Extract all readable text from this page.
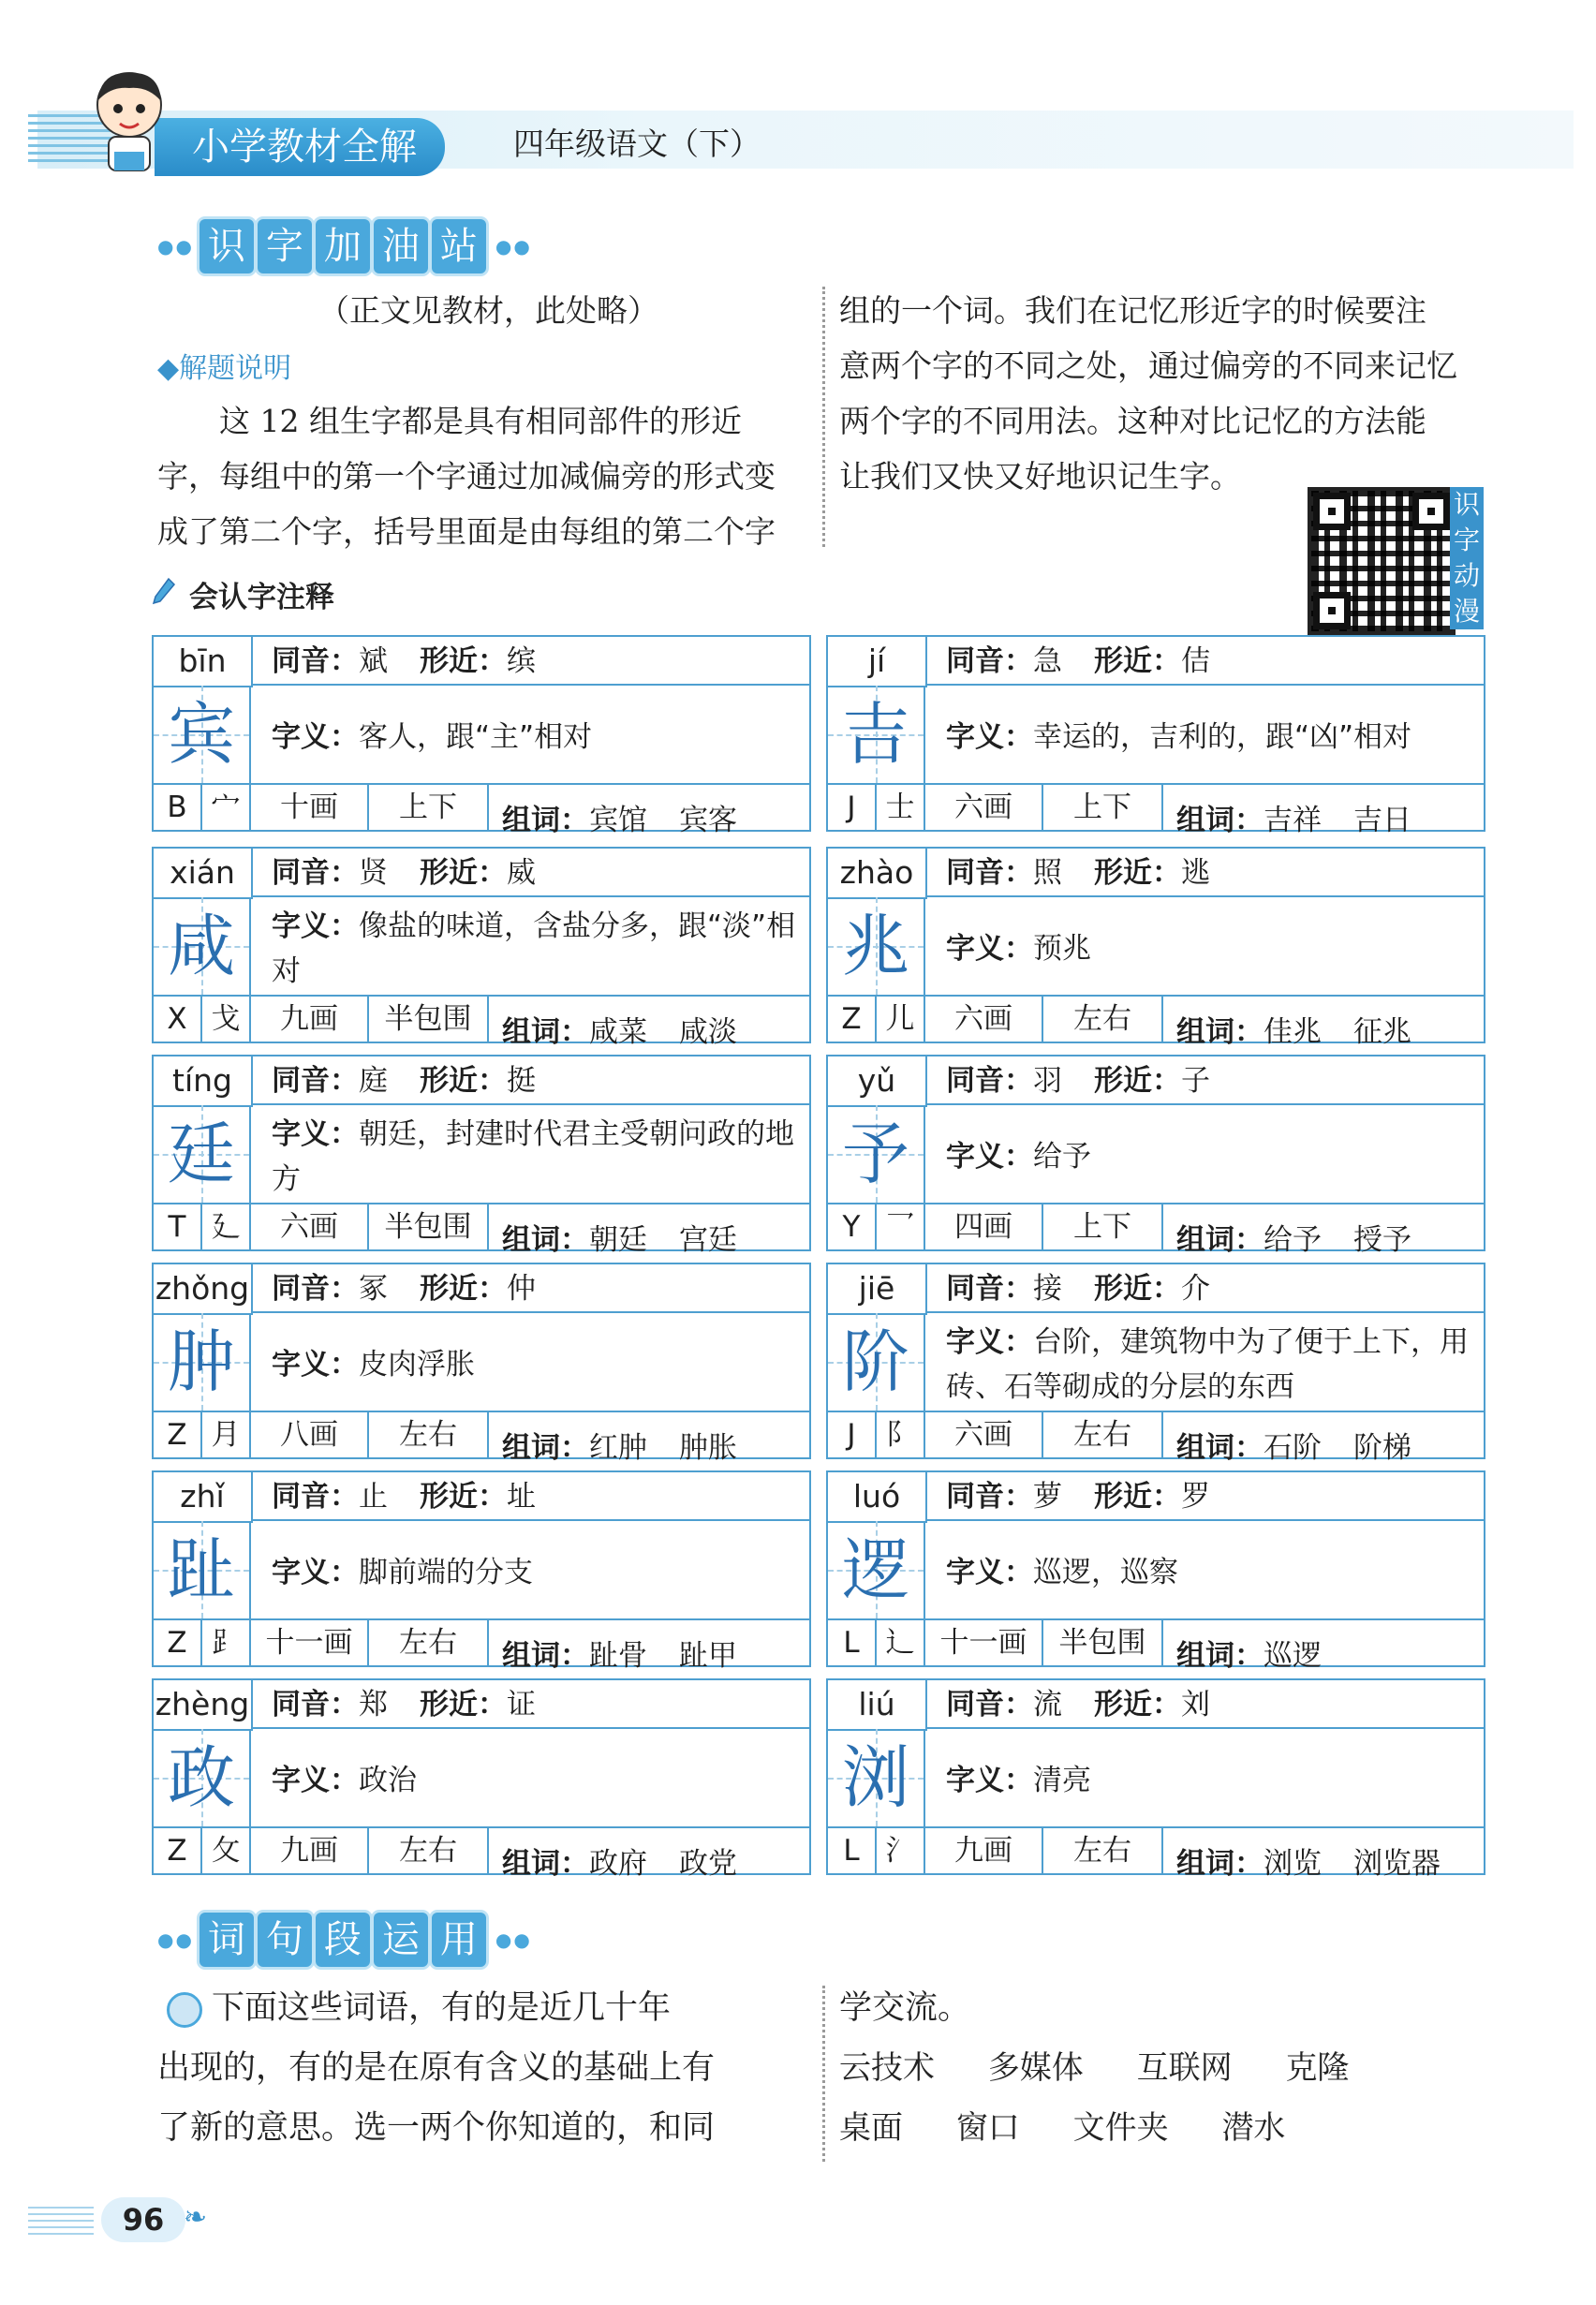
小学教材全解	四年级语文（下）
●● 识 字 加 油 站 ●●
（正文见教材，此处略）
◆解题说明
这 12 组生字都是具有相同部件的形近
字，每组中的第一个字通过加减偏旁的形式变
成了第二个字，括号里面是由每组的第二个字
组的一个词。我们在记忆形近字的时候要注
意两个字的不同之处，通过偏旁的不同来记忆
两个字的不同用法。这种对比记忆的方法能
让我们又快又好地识记生字。
识
字
动
漫
会认字注释
bīn
宾
同音：斌 形近：缤
字义：客人，跟“主”相对
B 宀	十画	上下	组词：宾馆 宾客
jí
吉
同音：急 形近：佶
字义：幸运的，吉利的，跟“凶”相对
J	士	六画	上下	组词：吉祥 吉日
xián
咸
同音：贤 形近：威
字义：像盐的味道，含盐分多，跟“淡”相对
X 戈	九画	半包围	组词：咸菜 咸淡
zhào
兆
同音：照 形近：逃
字义：预兆
Z 儿	六画	左右	组词：佳兆 征兆
tíng
廷
同音：庭 形近：挺
字义：朝廷，封建时代君主受朝问政的地方
T 廴	六画	半包围	组词：朝廷 宫廷
yǔ
予
同音：羽 形近：子
字义：给予
Y 乛	四画	上下	组词：给予 授予
zhǒng
肿
同音：冢 形近：仲
字义：皮肉浮胀
Z 月	八画	左右	组词：红肿 肿胀
jiē
阶
同音：接 形近：介
字义：台阶，建筑物中为了便于上下，用砖、石等砌成的分层的东西
J	阝	六画	左右	组词：石阶 阶梯
zhǐ
趾
同音：止 形近：址
字义：脚前端的分支
Z ⻊ 十一画	左右	组词：趾骨 趾甲
luó
逻
同音：萝 形近：罗
字义：巡逻，巡察
L 辶 十一画	半包围	组词：巡逻
zhèng
政
同音：郑 形近：证
字义：政治
Z 攵	九画	左右	组词：政府 政党
liú
浏
同音：流 形近：刘
字义：清亮
L 氵	九画	左右	组词：浏览 浏览器
●● 词 句 段 运 用 ●●
下面这些词语，有的是近几十年
出现的，有的是在原有含义的基础上有
了新的意思。选一两个你知道的，和同
学交流。
云技术 多媒体 互联网 克隆
桌面 窗口 文件夹 潜水
96 ❧
